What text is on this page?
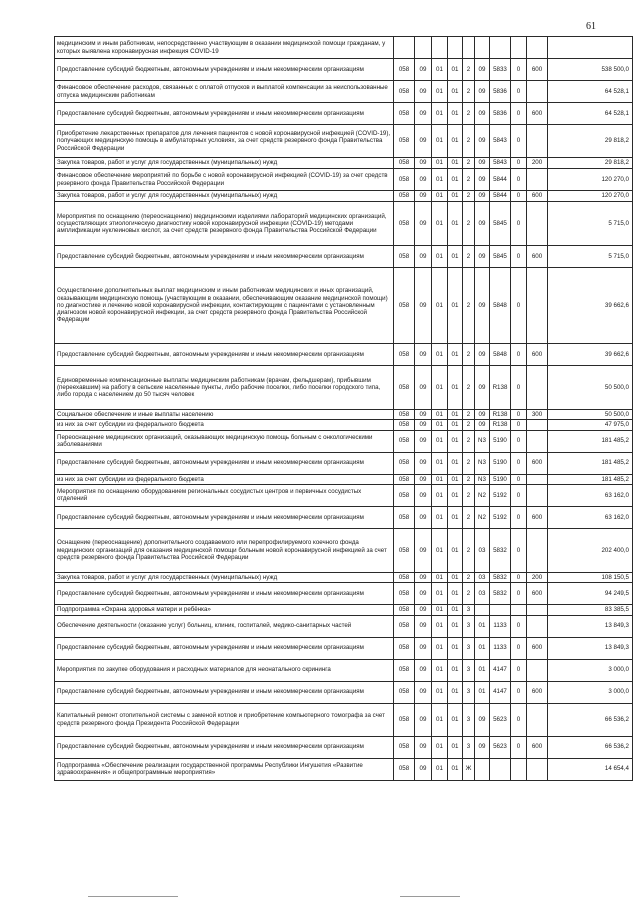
61
медицинским и иным работникам, непосредственно участвующим в оказании медицинской помощи гражданам, у которых выявлена коронавирусная инфекция COVID-19										
Предоставление субсидий бюджетным, автономным учреждениям и иным некоммерческим организациям	058	09	01	01	2	09	5833	0	600	538 500,0
Финансовое обеспечение расходов, связанных с оплатой отпусков и выплатой компенсации за неиспользованные отпуска медицинским работникам	058	09	01	01	2	09	5836	0		64 528,1
Предоставление субсидий бюджетным, автономным учреждениям и иным некоммерческим организациям	058	09	01	01	2	09	5836	0	600	64 528,1
Приобретение лекарственных препаратов для лечения пациентов с новой коронавирусной инфекцией (COVID-19), получающих медицинскую помощь в амбулаторных условиях, за счет средств резервного фонда Правительства Российской Федерации	058	09	01	01	2	09	5843	0		29 818,2
Закупка товаров, работ и услуг для государственных (муниципальных) нужд	058	09	01	01	2	09	5843	0	200	29 818,2
Финансовое обеспечение мероприятий по борьбе с новой коронавирусной инфекцией (COVID-19) за счет средств резервного фонда Правительства Российской Федерации	058	09	01	01	2	09	5844	0		120 270,0
Закупка товаров, работ и услуг для государственных (муниципальных) нужд	058	09	01	01	2	09	5844	0	600	120 270,0
Мероприятия по оснащению (переоснащению) медицинскими изделиями лабораторий медицинских организаций, осуществляющих этиологическую диагностику новой коронавирусной инфекции (COVID-19) методами амплификации нуклеиновых кислот, за счет средств резервного фонда Правительства Российской Федерации	058	09	01	01	2	09	5845	0		5 715,0
Предоставление субсидий бюджетным, автономным учреждениям и иным некоммерческим организациям	058	09	01	01	2	09	5845	0	600	5 715,0
Осуществление дополнительных выплат медицинским и иным работникам медицинских и иных организаций, оказывающим медицинскую помощь (участвующим в оказании, обеспечивающим оказание медицинской помощи) по диагностике и лечению новой коронавирусной инфекции, контактирующим с пациентами с установленным диагнозом новой коронавирусной инфекции, за счет средств резервного фонда Правительства Российской Федерации	058	09	01	01	2	09	5848	0		39 662,6
Предоставление субсидий бюджетным, автономным учреждениям и иным некоммерческим организациям	058	09	01	01	2	09	5848	0	600	39 662,6
Единовременные компенсационные выплаты медицинским работникам (врачам, фельдшерам), прибывшим (переехавшим) на работу в сельские населенные пункты, либо рабочие поселки, либо поселки городского типа, либо города с населением до 50 тысяч человек	058	09	01	01	2	09	R138	0		50 500,0
Социальное обеспечение и иные выплаты населению	058	09	01	01	2	09	R138	0	300	50 500,0
из них за счет субсидии из федерального бюджета	058	09	01	01	2	09	R138	0		47 975,0
Переоснащение медицинских организаций, оказывающих медицинскую помощь больным с онкологическими заболеваниями	058	09	01	01	2	N3	5190	0		181 485,2
Предоставление субсидий бюджетным, автономным учреждениям и иным некоммерческим организациям	058	09	01	01	2	N3	5190	0	600	181 485,2
из них за счет субсидии из федерального бюджета	058	09	01	01	2	N3	5190	0		181 485,2
Мероприятия по оснащению оборудованием региональных сосудистых центров и первичных сосудистых отделений	058	09	01	01	2	N2	5192	0		63 162,0
Предоставление субсидий бюджетным, автономным учреждениям и иным некоммерческим организациям	058	09	01	01	2	N2	5192	0	600	63 162,0
Оснащение (переоснащение) дополнительного создаваемого или перепрофилируемого коечного фонда медицинских организаций для оказания медицинской помощи больным новой коронавирусной инфекцией за счет средств резервного фонда Правительства Российской Федерации	058	09	01	01	2	03	5832	0		202 400,0
Закупка товаров, работ и услуг для государственных (муниципальных) нужд	058	09	01	01	2	03	5832	0	200	108 150,5
Предоставление субсидий бюджетным, автономным учреждениям и иным некоммерческим организациям	058	09	01	01	2	03	5832	0	600	94 249,5
Подпрограмма «Охрана здоровья матери и ребёнка»	058	09	01	01	3					83 385,5
Обеспечение деятельности (оказание услуг) больниц, клиник, госпиталей, медико-санитарных частей	058	09	01	01	3	01	1133	0		13 849,3
Предоставление субсидий бюджетным, автономным учреждениям и иным некоммерческим организациям	058	09	01	01	3	01	1133	0	600	13 849,3
Мероприятия по закупке оборудования и расходных материалов для неонатального скрининга	058	09	01	01	3	01	4147	0		3 000,0
Предоставление субсидий бюджетным, автономным учреждениям и иным некоммерческим организациям	058	09	01	01	3	01	4147	0	600	3 000,0
Капитальный ремонт отопительной системы с заменой котлов и приобретение компьютерного томографа за счет средств резервного фонда Президента Российской Федерации	058	09	01	01	3	09	5623	0		66 536,2
Предоставление субсидий бюджетным, автономным учреждениям и иным некоммерческим организациям	058	09	01	01	3	09	5623	0	600	66 536,2
Подпрограмма «Обеспечение реализации государственной программы Республики Ингушетия «Развитие здравоохранения» и общепрограммные мероприятия»	058	09	01	01	Ж					14 654,4
